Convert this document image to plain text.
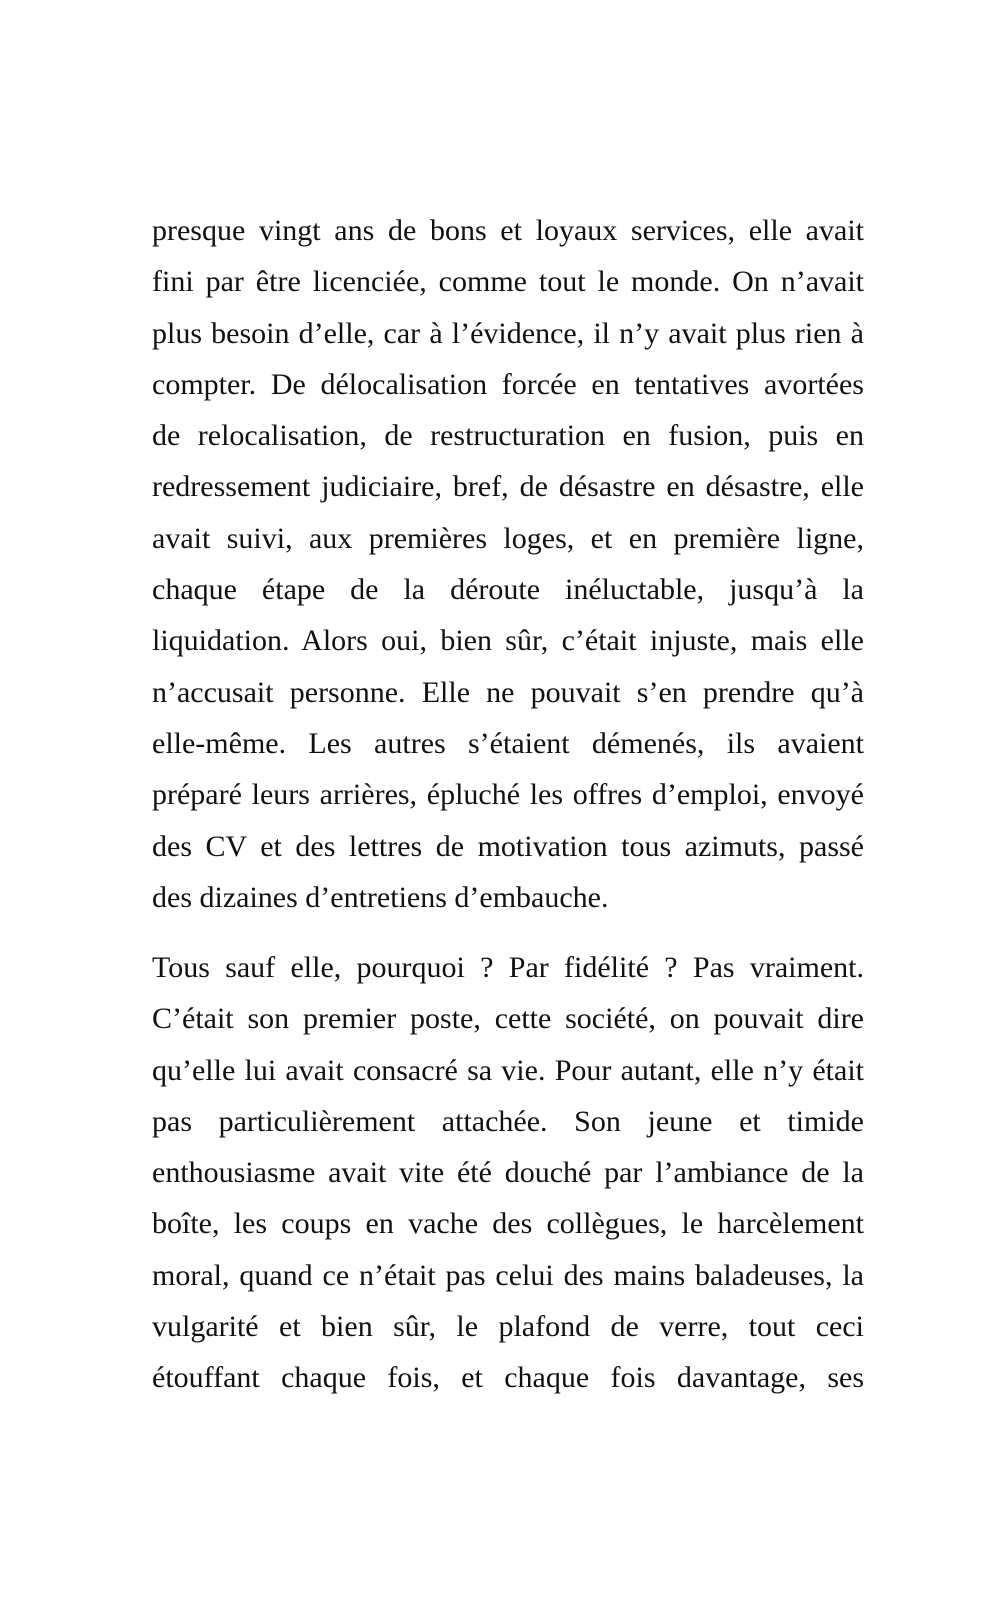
presque vingt ans de bons et loyaux services, elle avait
fini par être licenciée, comme tout le monde. On n’avait
plus besoin d’elle, car à l’évidence, il n’y avait plus rien à
compter. De délocalisation forcée en tentatives avortées
de relocalisation, de restructuration en fusion, puis en
redressement judiciaire, bref, de désastre en désastre, elle
avait suivi, aux premières loges, et en première ligne,
chaque étape de la déroute inéluctable, jusqu’à la
liquidation. Alors oui, bien sûr, c’était injuste, mais elle
n’accusait personne. Elle ne pouvait s’en prendre qu’à
elle-même. Les autres s’étaient démenés, ils avaient
préparé leurs arrières, épluché les offres d’emploi, envoyé
des CV et des lettres de motivation tous azimuts, passé
des dizaines d’entretiens d’embauche.
Tous sauf elle, pourquoi ? Par fidélité ? Pas vraiment.
C’était son premier poste, cette société, on pouvait dire
qu’elle lui avait consacré sa vie. Pour autant, elle n’y était
pas particulièrement attachée. Son jeune et timide
enthousiasme avait vite été douché par l’ambiance de la
boîte, les coups en vache des collègues, le harcèlement
moral, quand ce n’était pas celui des mains baladeuses, la
vulgarité et bien sûr, le plafond de verre, tout ceci
étouffant chaque fois, et chaque fois davantage, ses
